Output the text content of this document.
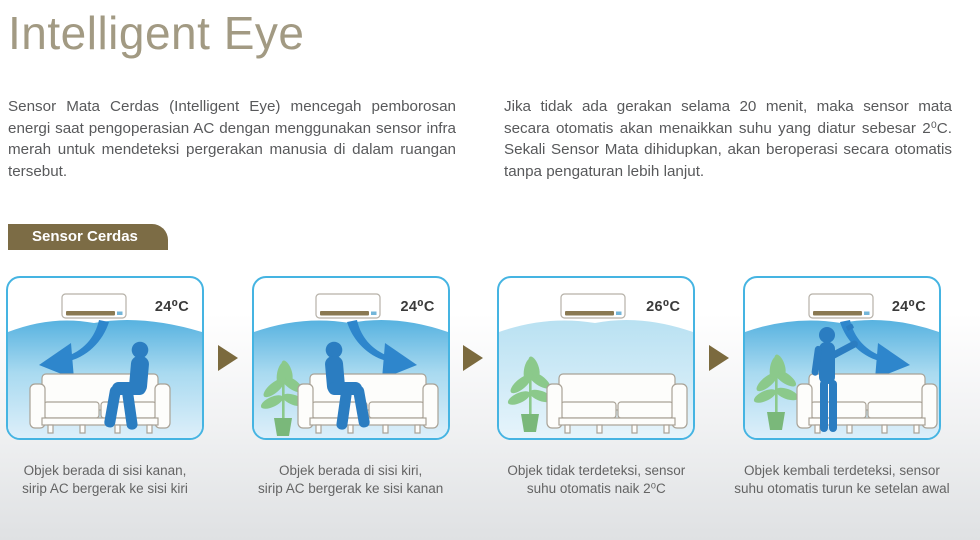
Intelligent Eye

Sensor Mata Cerdas (Intelligent Eye) mencegah pemborosan energi saat pengoperasian AC dengan menggunakan sensor infra merah untuk mendeteksi pergerakan manusia di dalam ruangan tersebut.

Jika tidak ada gerakan selama 20 menit, maka sensor mata secara otomatis akan menaikkan suhu yang diatur sebesar 2⁰C. Sekali Sensor Mata dihidupkan, akan beroperasi secara otomatis tanpa pengaturan lebih lanjut.

Sensor Cerdas
24⁰C
Objek berada di sisi kanan,
sirip AC bergerak ke sisi kiri
24⁰C
Objek berada di sisi kiri,
sirip AC bergerak ke sisi kanan
26⁰C
Objek tidak terdeteksi, sensor
suhu otomatis naik 2⁰C
24⁰C
Objek kembali terdeteksi, sensor
suhu otomatis turun ke setelan awal
